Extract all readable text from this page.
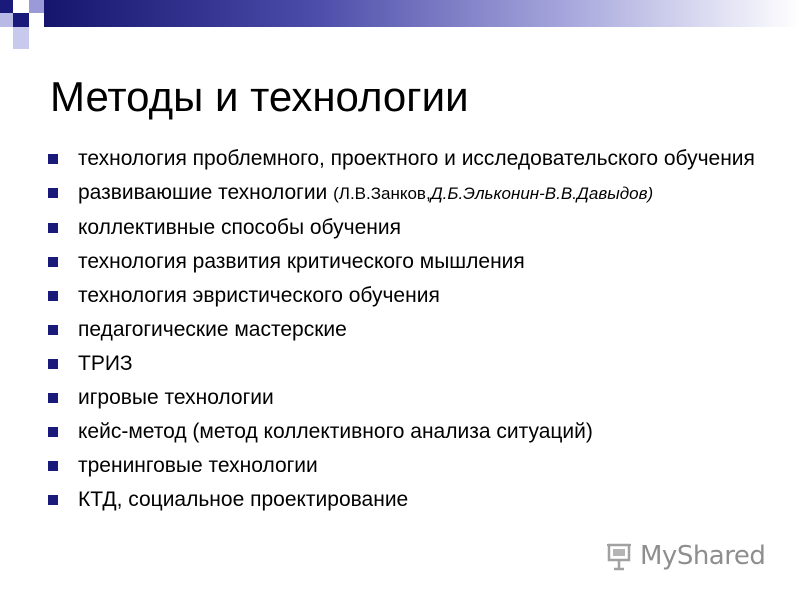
Методы и технологии
технология проблемного, проектного и исследовательского обучения
развиваюшие технологии (Л.В.Занков,Д.Б.Эльконин-В.В.Давыдов)
коллективные способы обучения
технология развития критического мышления
технология эвристического обучения
педагогические мастерские
ТРИЗ
игровые технологии
кейс-метод (метод коллективного анализа ситуаций)
тренинговые технологии
КТД, социальное проектирование
MyShared
